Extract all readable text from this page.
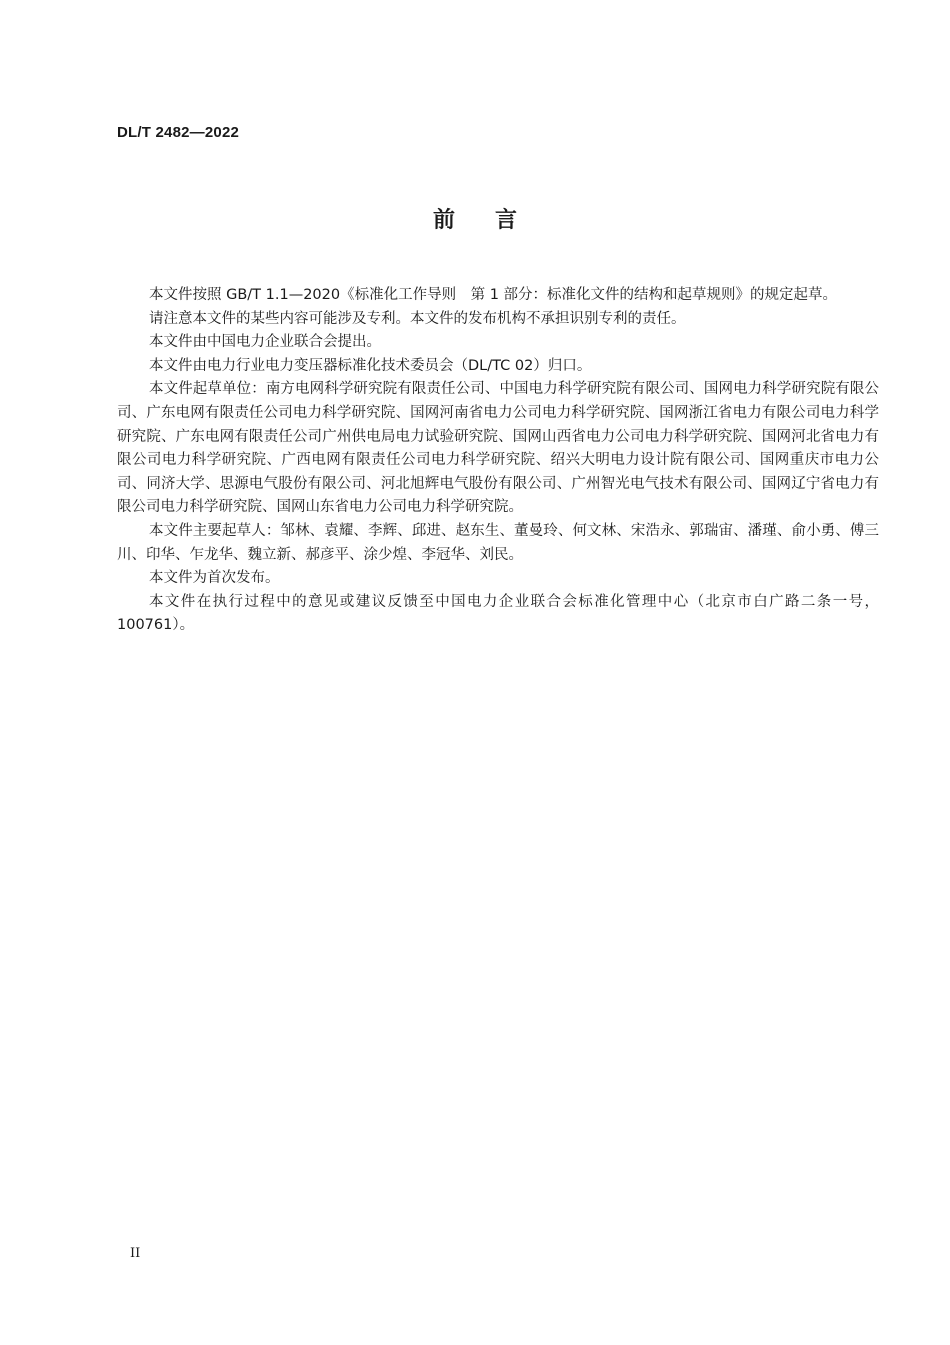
DL/T 2482—2022
前言

本文件按照 GB/T 1.1—2020《标准化工作导则　第 1 部分：标准化文件的结构和起草规则》的规定起草。

请注意本文件的某些内容可能涉及专利。本文件的发布机构不承担识别专利的责任。

本文件由中国电力企业联合会提出。

本文件由电力行业电力变压器标准化技术委员会（DL/TC 02）归口。

本文件起草单位：南方电网科学研究院有限责任公司、中国电力科学研究院有限公司、国网电力科学研究院有限公司、广东电网有限责任公司电力科学研究院、国网河南省电力公司电力科学研究院、国网浙江省电力有限公司电力科学研究院、广东电网有限责任公司广州供电局电力试验研究院、国网山西省电力公司电力科学研究院、国网河北省电力有限公司电力科学研究院、广西电网有限责任公司电力科学研究院、绍兴大明电力设计院有限公司、国网重庆市电力公司、同济大学、思源电气股份有限公司、河北旭辉电气股份有限公司、广州智光电气技术有限公司、国网辽宁省电力有限公司电力科学研究院、国网山东省电力公司电力科学研究院。

本文件主要起草人：邹林、袁耀、李辉、邱进、赵东生、董曼玲、何文林、宋浩永、郭瑞宙、潘瑾、俞小勇、傅三川、印华、乍龙华、魏立新、郝彦平、涂少煌、李冠华、刘民。

本文件为首次发布。

本文件在执行过程中的意见或建议反馈至中国电力企业联合会标准化管理中心（北京市白广路二条一号，100761）。

II
